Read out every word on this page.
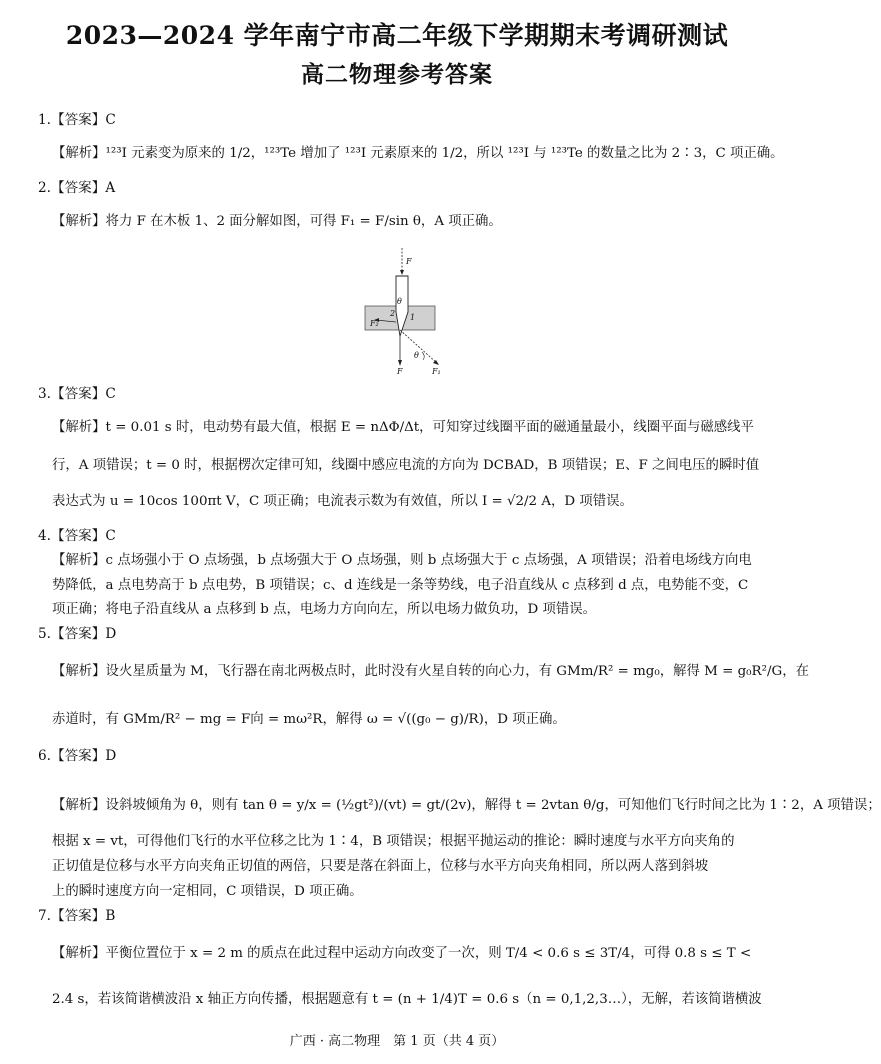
2023—2024 学年南宁市高二年级下学期期末考调研测试
高二物理参考答案
1.【答案】C
【解析】¹²³I 元素变为原来的 1/2，¹²³Te 增加了 ¹²³I 元素原来的 1/2，所以 ¹²³I 与 ¹²³Te 的数量之比为 2∶3，C 项正确。
2.【答案】A
【解析】将力 F 在木板 1、2 面分解如图，可得 F₁ = F/sin θ，A 项正确。
F
θ
2 1
F₂
F	F₁
θ
3.【答案】C
【解析】t = 0.01 s 时，电动势有最大值，根据 E = nΔΦ/Δt，可知穿过线圈平面的磁通量最小，线圈平面与磁感线平
行，A 项错误；t = 0 时，根据楞次定律可知，线圈中感应电流的方向为 DCBAD，B 项错误；E、F 之间电压的瞬时值
表达式为 u = 10cos 100πt V，C 项正确；电流表示数为有效值，所以 I = √2/2 A，D 项错误。
4.【答案】C
【解析】c 点场强小于 O 点场强，b 点场强大于 O 点场强，则 b 点场强大于 c 点场强，A 项错误；沿着电场线方向电
势降低，a 点电势高于 b 点电势，B 项错误；c、d 连线是一条等势线，电子沿直线从 c 点移到 d 点，电势能不变，C
项正确；将电子沿直线从 a 点移到 b 点，电场力方向向左，所以电场力做负功，D 项错误。
5.【答案】D
【解析】设火星质量为 M，飞行器在南北两极点时，此时没有火星自转的向心力，有 GMm/R² = mg₀，解得 M = g₀R²/G，在
赤道时，有 GMm/R² − mg = F向 = mω²R，解得 ω = √((g₀ − g)/R)，D 项正确。
6.【答案】D
【解析】设斜坡倾角为 θ，则有 tan θ = y/x = (½gt²)/(vt) = gt/(2v)，解得 t = 2vtan θ/g，可知他们飞行时间之比为 1∶2，A 项错误；
根据 x = vt，可得他们飞行的水平位移之比为 1∶4，B 项错误；根据平抛运动的推论：瞬时速度与水平方向夹角的
正切值是位移与水平方向夹角正切值的两倍，只要是落在斜面上，位移与水平方向夹角相同，所以两人落到斜坡
上的瞬时速度方向一定相同，C 项错误，D 项正确。
7.【答案】B
【解析】平衡位置位于 x = 2 m 的质点在此过程中运动方向改变了一次，则 T/4 < 0.6 s ≤ 3T/4，可得 0.8 s ≤ T <
2.4 s，若该简谐横波沿 x 轴正方向传播，根据题意有 t = (n + 1/4)T = 0.6 s（n = 0,1,2,3…），无解，若该简谐横波
广西 · 高二物理　第 1 页（共 4 页）
